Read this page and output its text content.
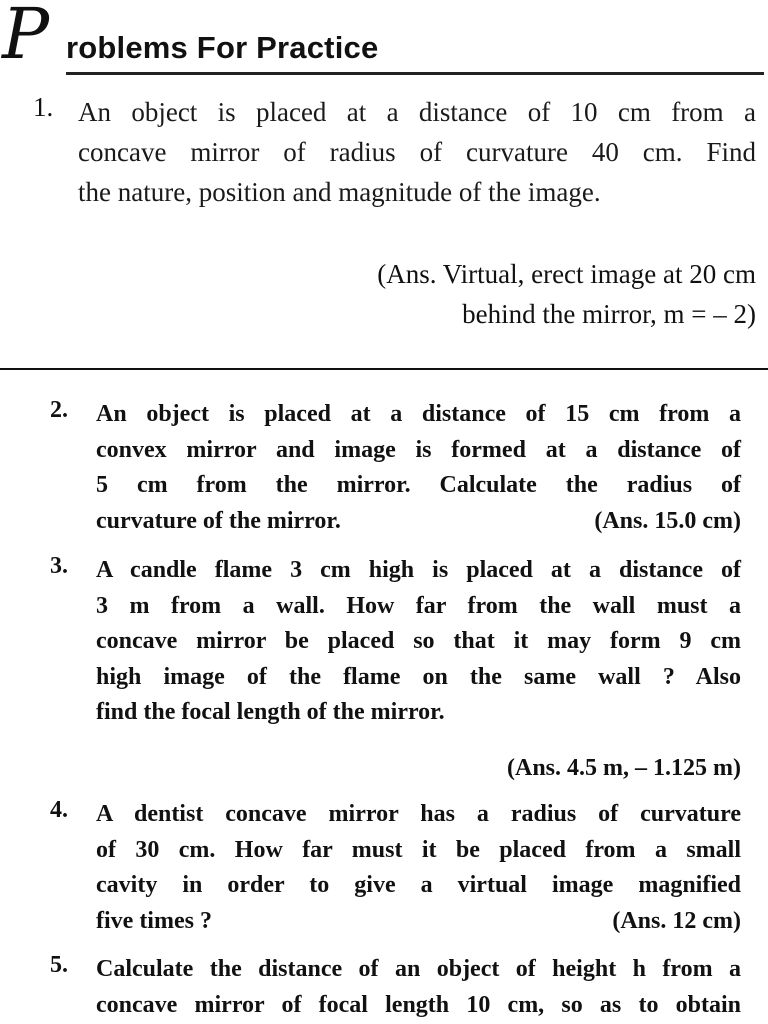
P roblems For Practice
1. An object is placed at a distance of 10 cm from a
concave mirror of radius of curvature 40 cm. Find
the nature, position and magnitude of the image.
(Ans. Virtual, erect image at 20 cm
behind the mirror, m = – 2)
2. An object is placed at a distance of 15 cm from a
convex mirror and image is formed at a distance of
5 cm from the mirror. Calculate the radius of
curvature of the mirror.	(Ans. 15.0 cm)
3. A candle flame 3 cm high is placed at a distance of
3 m from a wall. How far from the wall must a
concave mirror be placed so that it may form 9 cm
high image of the flame on the same wall ? Also
find the focal length of the mirror.
(Ans. 4.5 m, – 1.125 m)
4. A dentist concave mirror has a radius of curvature
of 30 cm. How far must it be placed from a small
cavity in order to give a virtual image magnified
five times ?	(Ans. 12 cm)
5. Calculate the distance of an object of height h from a
concave mirror of focal length 10 cm, so as to obtain
